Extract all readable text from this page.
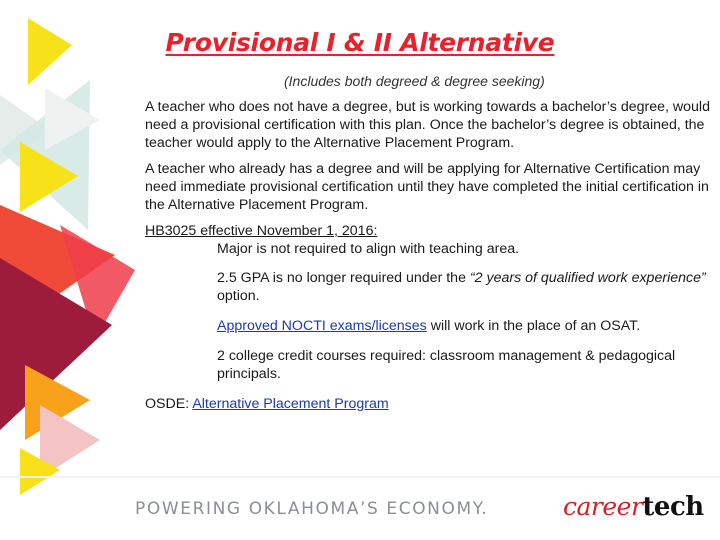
Provisional I & II Alternative
(Includes both degreed & degree seeking)

A teacher who does not have a degree, but is working towards a bachelor’s degree, would need a provisional certification with this plan. Once the bachelor’s degree is obtained, the teacher would apply to the Alternative Placement Program.

A teacher who already has a degree and will be applying for Alternative Certification may need immediate provisional certification until they have completed the initial certification in the Alternative Placement Program.

HB3025 effective November 1, 2016:

Major is not required to align with teaching area.

2.5 GPA is no longer required under the “2 years of qualified work experience” option.

Approved NOCTI exams/licenses will work in the place of an OSAT.

2 college credit courses required: classroom management & pedagogical principals.

OSDE: Alternative Placement Program

POWERING OKLAHOMA’S ECONOMY.	careertech
